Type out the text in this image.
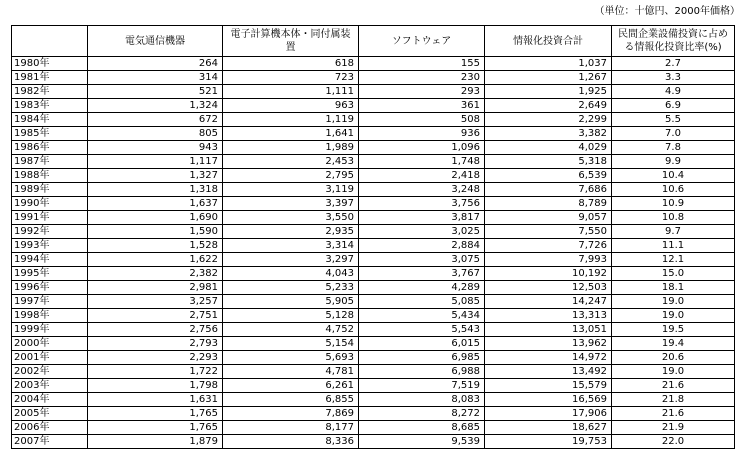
（単位：十億円、2000年価格）
	電気通信機器	電子計算機本体・同付属装置	ソフトウェア	情報化投資合計	民間企業設備投資に占める情報化投資比率(%)
1980年	264	618	155	1,037	2.7
1981年	314	723	230	1,267	3.3
1982年	521	1,111	293	1,925	4.9
1983年	1,324	963	361	2,649	6.9
1984年	672	1,119	508	2,299	5.5
1985年	805	1,641	936	3,382	7.0
1986年	943	1,989	1,096	4,029	7.8
1987年	1,117	2,453	1,748	5,318	9.9
1988年	1,327	2,795	2,418	6,539	10.4
1989年	1,318	3,119	3,248	7,686	10.6
1990年	1,637	3,397	3,756	8,789	10.9
1991年	1,690	3,550	3,817	9,057	10.8
1992年	1,590	2,935	3,025	7,550	9.7
1993年	1,528	3,314	2,884	7,726	11.1
1994年	1,622	3,297	3,075	7,993	12.1
1995年	2,382	4,043	3,767	10,192	15.0
1996年	2,981	5,233	4,289	12,503	18.1
1997年	3,257	5,905	5,085	14,247	19.0
1998年	2,751	5,128	5,434	13,313	19.0
1999年	2,756	4,752	5,543	13,051	19.5
2000年	2,793	5,154	6,015	13,962	19.4
2001年	2,293	5,693	6,985	14,972	20.6
2002年	1,722	4,781	6,988	13,492	19.0
2003年	1,798	6,261	7,519	15,579	21.6
2004年	1,631	6,855	8,083	16,569	21.8
2005年	1,765	7,869	8,272	17,906	21.6
2006年	1,765	8,177	8,685	18,627	21.9
2007年	1,879	8,336	9,539	19,753	22.0
